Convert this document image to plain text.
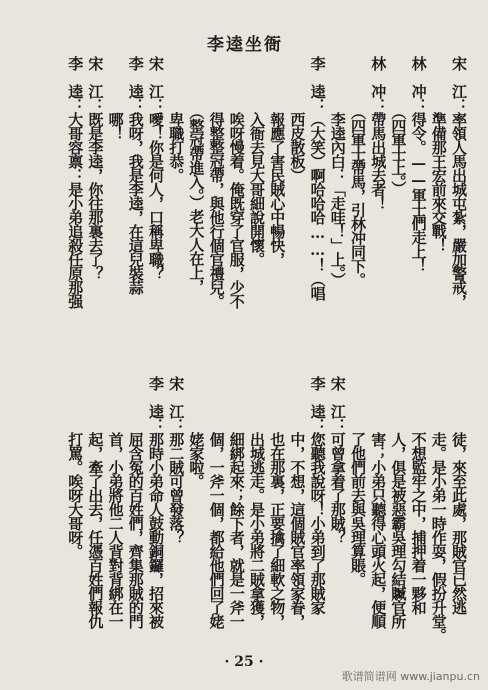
李逵坐衙
宋　江：率領人馬出城屯紮，嚴加警戒，
　　　　準備那王宏前來交戰！
林　冲：得令。——軍士們走上！
　　　　（四軍士上。）
林　冲：帶馬出城去者！
　　　　（四軍士帶馬，引林冲同下。
　　　　李逵內白：「走哇！」上。）
李　逵：（大笑）啊哈哈哈……！（唱
　　　　西皮散板）
　　　　報應了害民賊心中暢快，
　　　　入衙去見大哥細說開懷。
　　　　唉呀慢着。俺既穿了官服，少不
　　　　得整整冠帶，與他行個官禮兒。
　　　　（整冠帶進入。）老大人在上，
　　　　卑職打恭。
宋　江：噯！你是何人，口稱卑職？
李　逵：我呀，我是李逵，在這兒裝蒜
　　　　哪！
宋　江：既是李逵，你往那裏去了？
李　逵：大哥容禀：是小弟追殺任原那强
　　　　徒，來至此處，那賊官已然逃
　　　　走。是小弟一時作耍，假扮升堂。
　　　　不想監牢之中，捕押着一夥和
　　　　人，俱是被惡霸吳理勾結贓官所
　　　　害；小弟只聽得心頭火起，便順
　　　　了他們前去與吳理算賬。
宋　江：可曾拿着了那賊？
李　逵：您聽我說呀！小弟到了那賊家
　　　　中，不想，這個賊官率領家眷，
　　　　也在那裏，正要擒了細軟之物，
　　　　出城逃走。是小弟將二賊拿獲，
　　　　細綁起來；餘下者，就是一斧一
　　　　個，一斧一個，都給他們回了姥
　　　　姥家啦。
宋　江：那二賊可曾發落？
李　逵：那時小弟命人鼓動銅鑼，招來被
　　　　屈含冤的百姓們，齊集那賊的門
　　　　首，小弟將他二人背對背綁在一
　　　　起，牽了出去，任憑百姓們報仇
　　　　打罵。唉呀大哥呀。
· 25 ·
歌谱简谱网 www.jianpu.cn
